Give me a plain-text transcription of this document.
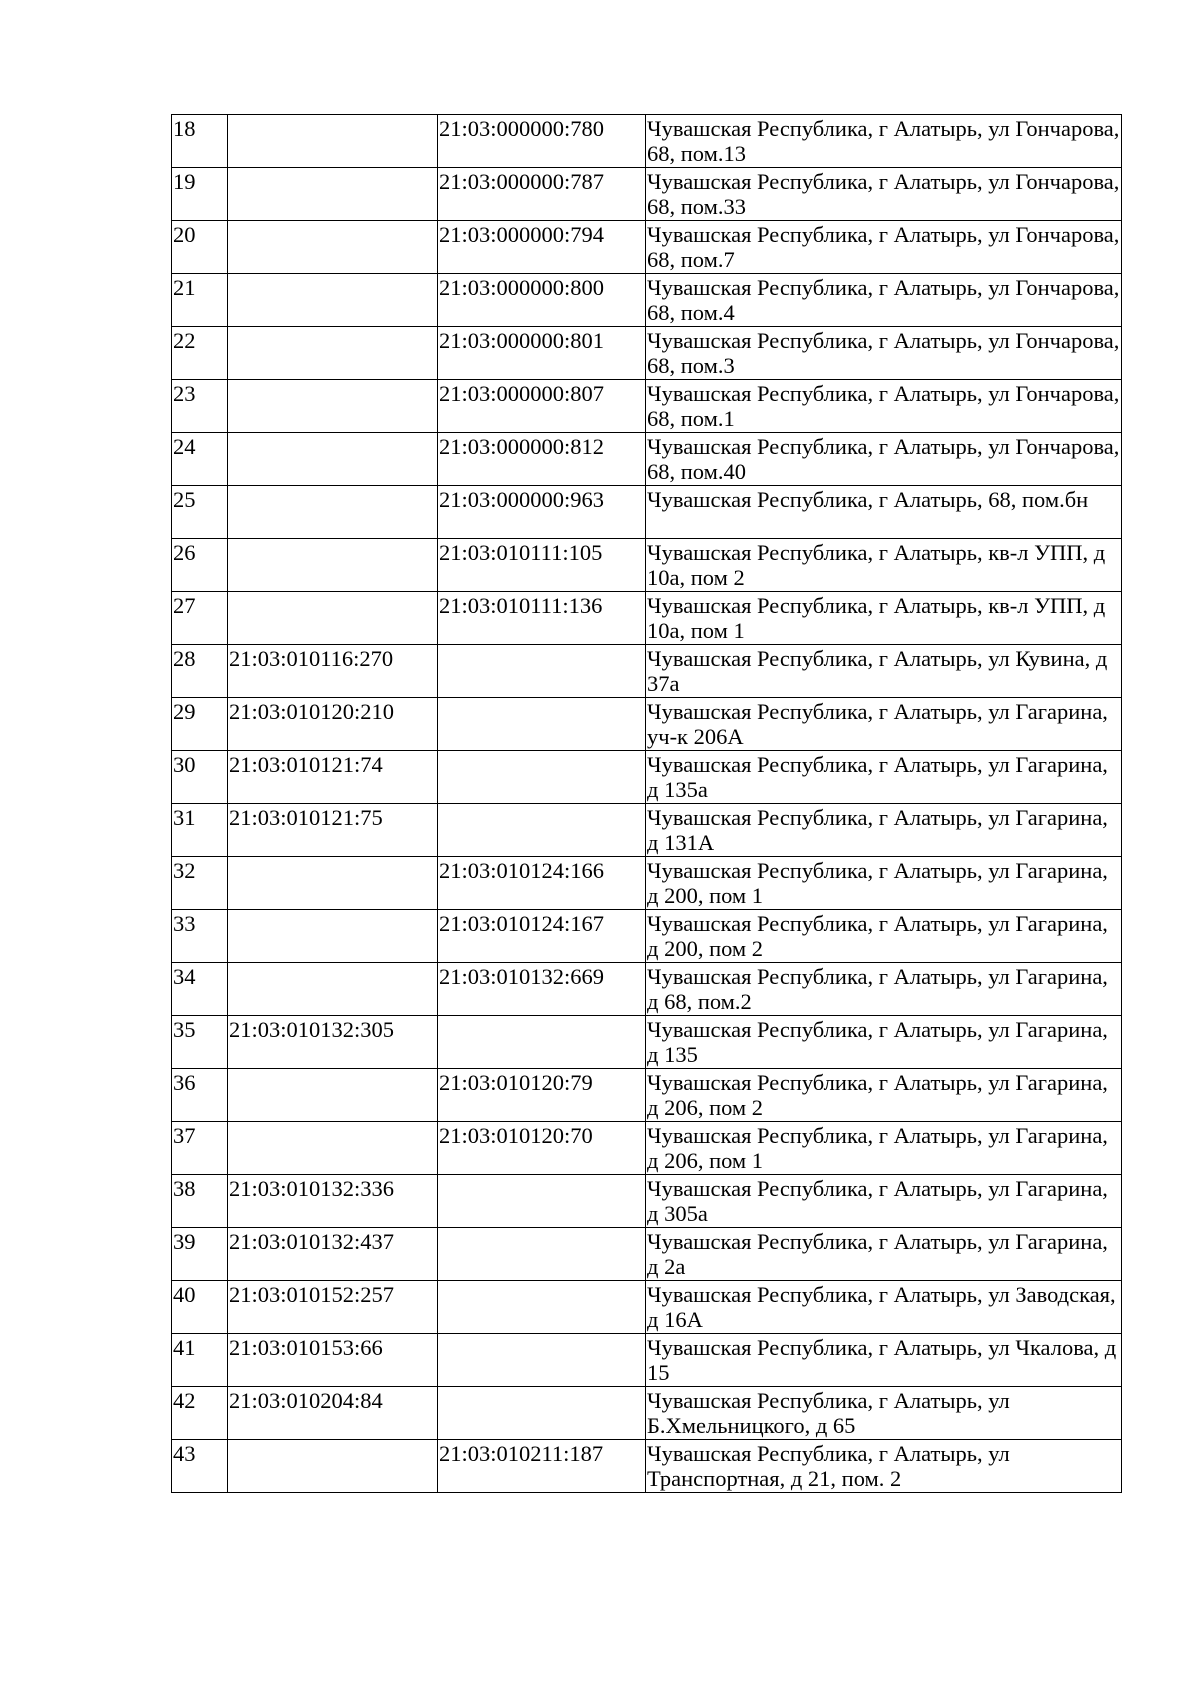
18		21:03:000000:780	Чувашская Республика, г Алатырь, ул Гончарова, 68, пом.13
19		21:03:000000:787	Чувашская Республика, г Алатырь, ул Гончарова, 68, пом.33
20		21:03:000000:794	Чувашская Республика, г Алатырь, ул Гончарова, 68, пом.7
21		21:03:000000:800	Чувашская Республика, г Алатырь, ул Гончарова, 68, пом.4
22		21:03:000000:801	Чувашская Республика, г Алатырь, ул Гончарова, 68, пом.3
23		21:03:000000:807	Чувашская Республика, г Алатырь, ул Гончарова, 68, пом.1
24		21:03:000000:812	Чувашская Республика, г Алатырь, ул Гончарова, 68, пом.40
25		21:03:000000:963	Чувашская Республика, г Алатырь, 68, пом.бн
26		21:03:010111:105	Чувашская Республика, г Алатырь, кв-л УПП, д 10а, пом 2
27		21:03:010111:136	Чувашская Республика, г Алатырь, кв-л УПП, д 10а, пом 1
28	21:03:010116:270		Чувашская Республика, г Алатырь, ул Кувина, д 37а
29	21:03:010120:210		Чувашская Республика, г Алатырь, ул Гагарина, уч-к 206А
30	21:03:010121:74		Чувашская Республика, г Алатырь, ул Гагарина, д 135а
31	21:03:010121:75		Чувашская Республика, г Алатырь, ул Гагарина, д 131А
32		21:03:010124:166	Чувашская Республика, г Алатырь, ул Гагарина, д 200, пом 1
33		21:03:010124:167	Чувашская Республика, г Алатырь, ул Гагарина, д 200, пом 2
34		21:03:010132:669	Чувашская Республика, г Алатырь, ул Гагарина, д 68, пом.2
35	21:03:010132:305		Чувашская Республика, г Алатырь, ул Гагарина, д 135
36		21:03:010120:79	Чувашская Республика, г Алатырь, ул Гагарина, д 206, пом 2
37		21:03:010120:70	Чувашская Республика, г Алатырь, ул Гагарина, д 206, пом 1
38	21:03:010132:336		Чувашская Республика, г Алатырь, ул Гагарина, д 305а
39	21:03:010132:437		Чувашская Республика, г Алатырь, ул Гагарина, д 2а
40	21:03:010152:257		Чувашская Республика, г Алатырь, ул Заводская, д 16А
41	21:03:010153:66		Чувашская Республика, г Алатырь, ул Чкалова, д 15
42	21:03:010204:84		Чувашская Республика, г Алатырь, ул Б.Хмельницкого, д 65
43		21:03:010211:187	Чувашская Республика, г Алатырь, ул Транспортная, д 21, пом. 2
